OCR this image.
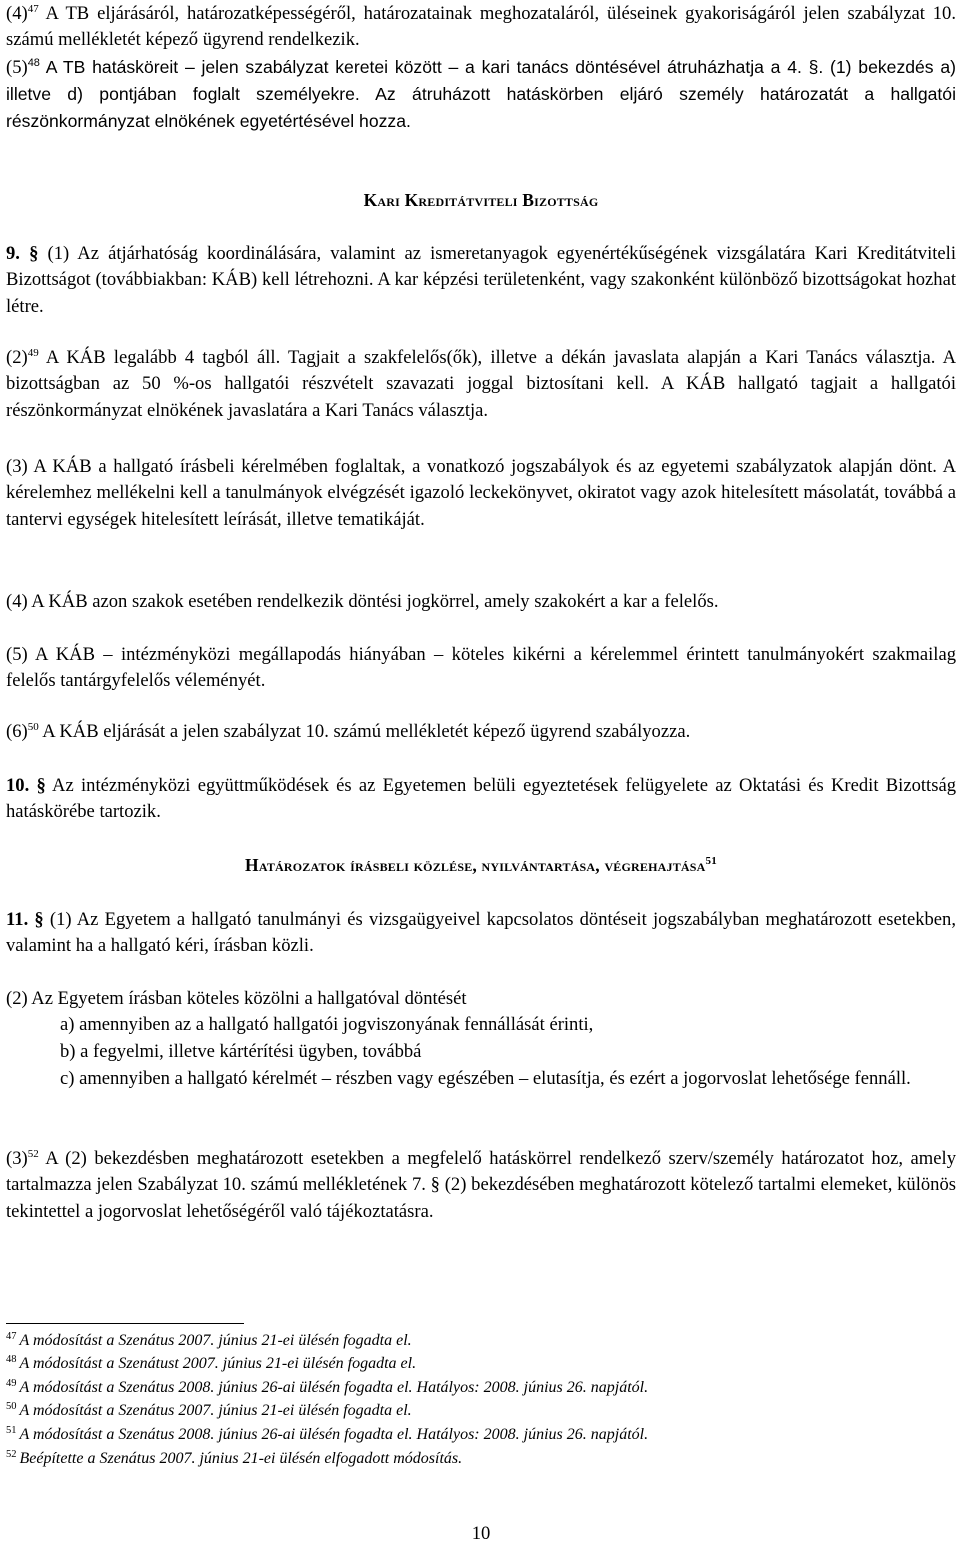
$(4)^{47}$ A TB eljárásáról, határozatképességéről, határozatainak meghozataláról, üléseinek gyakoriságáról jelen szabályzat 10. számú mellékletét képező ügyrend rendelkezik.
$(5)^{48}$ A TB hatásköreit – jelen szabályzat keretei között – a kari tanács döntésével átruházhatja a 4. §. (1) bekezdés a) illetve d) pontjában foglalt személyekre. Az átruházott hatáskörben eljáró személy határozatát a hallgatói részönkormányzat elnökének egyetértésével hozza.
Kari Kreditátviteli Bizottság
9. § (1) Az átjárhatóság koordinálására, valamint az ismeretanyagok egyenértékűségének vizsgálatára Kari Kreditátviteli Bizottságot (továbbiakban: KÁB) kell létrehozni. A kar képzési területenként, vagy szakonként különböző bizottságokat hozhat létre.
$(2)^{49}$ A KÁB legalább 4 tagból áll. Tagjait a szakfelelős(ők), illetve a dékán javaslata alapján a Kari Tanács választja. A bizottságban az 50 %-os hallgatói részvételt szavazati joggal biztosítani kell. A KÁB hallgató tagjait a hallgatói részönkormányzat elnökének javaslatára a Kari Tanács választja.
(3) A KÁB a hallgató írásbeli kérelmében foglaltak, a vonatkozó jogszabályok és az egyetemi szabályzatok alapján dönt. A kérelemhez mellékelni kell a tanulmányok elvégzését igazoló leckekönyvet, okiratot vagy azok hitelesített másolatát, továbbá a tantervi egységek hitelesített leírását, illetve tematikáját.
(4) A KÁB azon szakok esetében rendelkezik döntési jogkörrel, amely szakokért a kar a felelős.
(5) A KÁB – intézményközi megállapodás hiányában – köteles kikérni a kérelemmel érintett tanulmányokért szakmailag felelős tantárgyfelelős véleményét.
$(6)^{50}$ A KÁB eljárását a jelen szabályzat 10. számú mellékletét képező ügyrend szabályozza.
10. § Az intézményközi együttműködések és az Egyetemen belüli egyeztetések felügyelete az Oktatási és Kredit Bizottság hatáskörébe tartozik.
Határozatok írásbeli közlése, nyilvántartása, végrehajtása$^{51}$
11. § (1) Az Egyetem a hallgató tanulmányi és vizsgaügyeivel kapcsolatos döntéseit jogszabályban meghatározott esetekben, valamint ha a hallgató kéri, írásban közli.
(2) Az Egyetem írásban köteles közölni a hallgatóval döntését
a) amennyiben az a hallgató hallgatói jogviszonyának fennállását érinti,
b) a fegyelmi, illetve kártérítési ügyben, továbbá
c) amennyiben a hallgató kérelmét – részben vagy egészében – elutasítja, és ezért a jogorvoslat lehetősége fennáll.
$(3)^{52}$ A (2) bekezdésben meghatározott esetekben a megfelelő hatáskörrel rendelkező szerv/személy határozatot hoz, amely tartalmazza jelen Szabályzat 10. számú mellékletének 7. § (2) bekezdésében meghatározott kötelező tartalmi elemeket, különös tekintettel a jogorvoslat lehetőségéről való tájékoztatásra.
$^{47}$ A módosítást a Szenátus 2007. június 21-ei ülésén fogadta el.
$^{48}$ A módosítást a Szenátust 2007. június 21-ei ülésén fogadta el.
$^{49}$ A módosítást a Szenátus 2008. június 26-ai ülésén fogadta el. Hatályos: 2008. június 26. napjától.
$^{50}$ A módosítást a Szenátus 2007. június 21-ei ülésén fogadta el.
$^{51}$ A módosítást a Szenátus 2008. június 26-ai ülésén fogadta el. Hatályos: 2008. június 26. napjától.
$^{52}$ Beépítette a Szenátus 2007. június 21-ei ülésén elfogadott módosítás.
10
